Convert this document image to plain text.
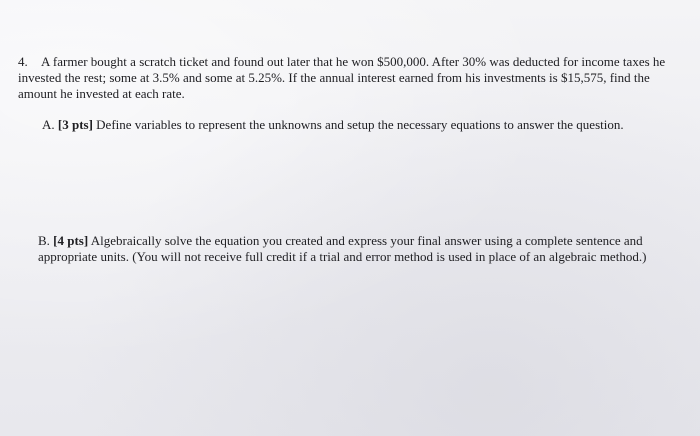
4. A farmer bought a scratch ticket and found out later that he won $500,000. After 30% was deducted for income taxes he invested the rest; some at 3.5% and some at 5.25%. If the annual interest earned from his investments is $15,575, find the amount he invested at each rate.
A. [3 pts] Define variables to represent the unknowns and setup the necessary equations to answer the question.
B. [4 pts] Algebraically solve the equation you created and express your final answer using a complete sentence and appropriate units. (You will not receive full credit if a trial and error method is used in place of an algebraic method.)
